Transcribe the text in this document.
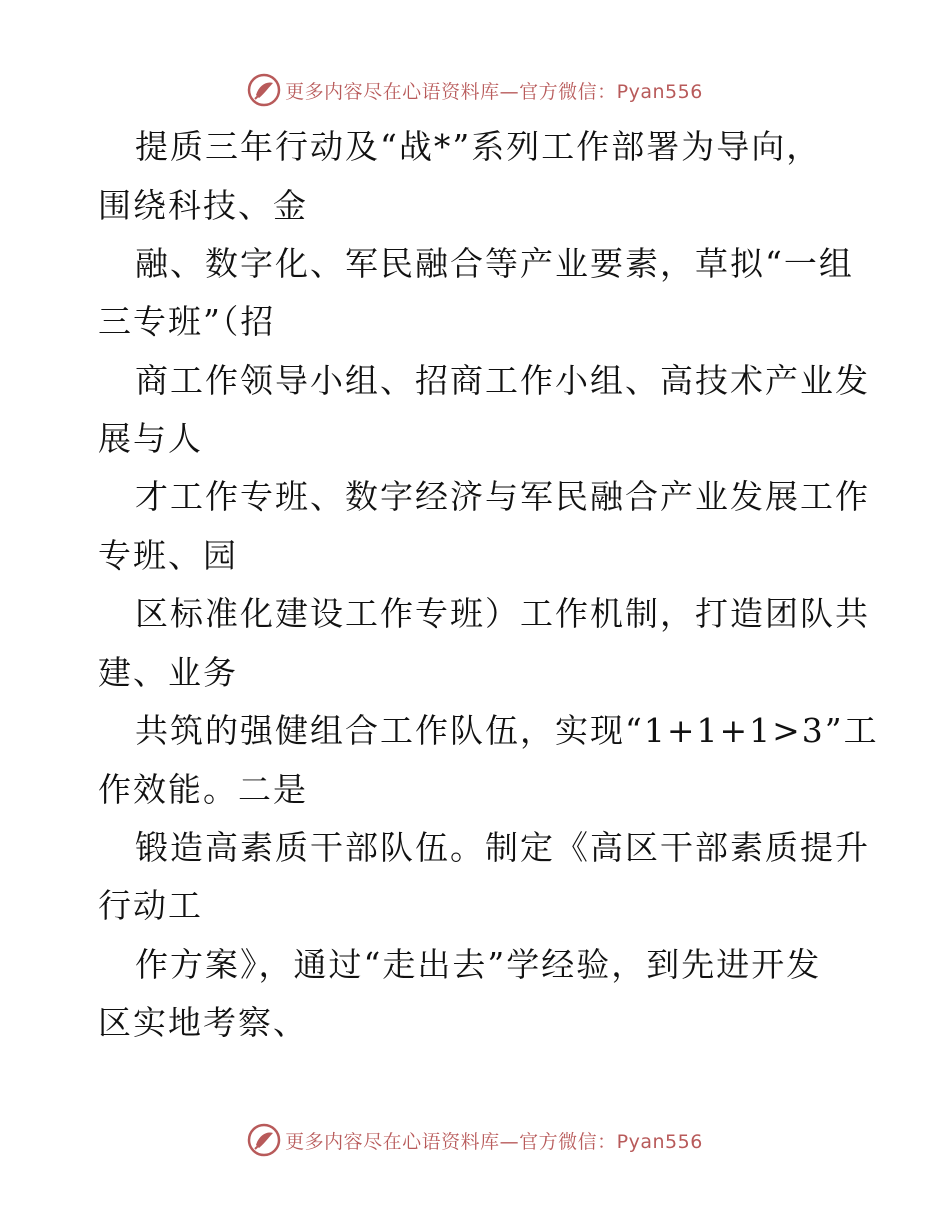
更多内容尽在心语资料库—官方微信：Pyan556
提质三年行动及“战*”系列工作部署为导向，
围绕科技、金
融、数字化、军民融合等产业要素，草拟“一组
三专班”（招
商工作领导小组、招商工作小组、高技术产业发
展与人
才工作专班、数字经济与军民融合产业发展工作
专班、园
区标准化建设工作专班）工作机制，打造团队共
建、业务
共筑的强健组合工作队伍，实现“1+1+1>3”工
作效能。二是
锻造高素质干部队伍。制定《高区干部素质提升
行动工
作方案》，通过“走出去”学经验，到先进开发
区实地考察、
更多内容尽在心语资料库—官方微信：Pyan556
